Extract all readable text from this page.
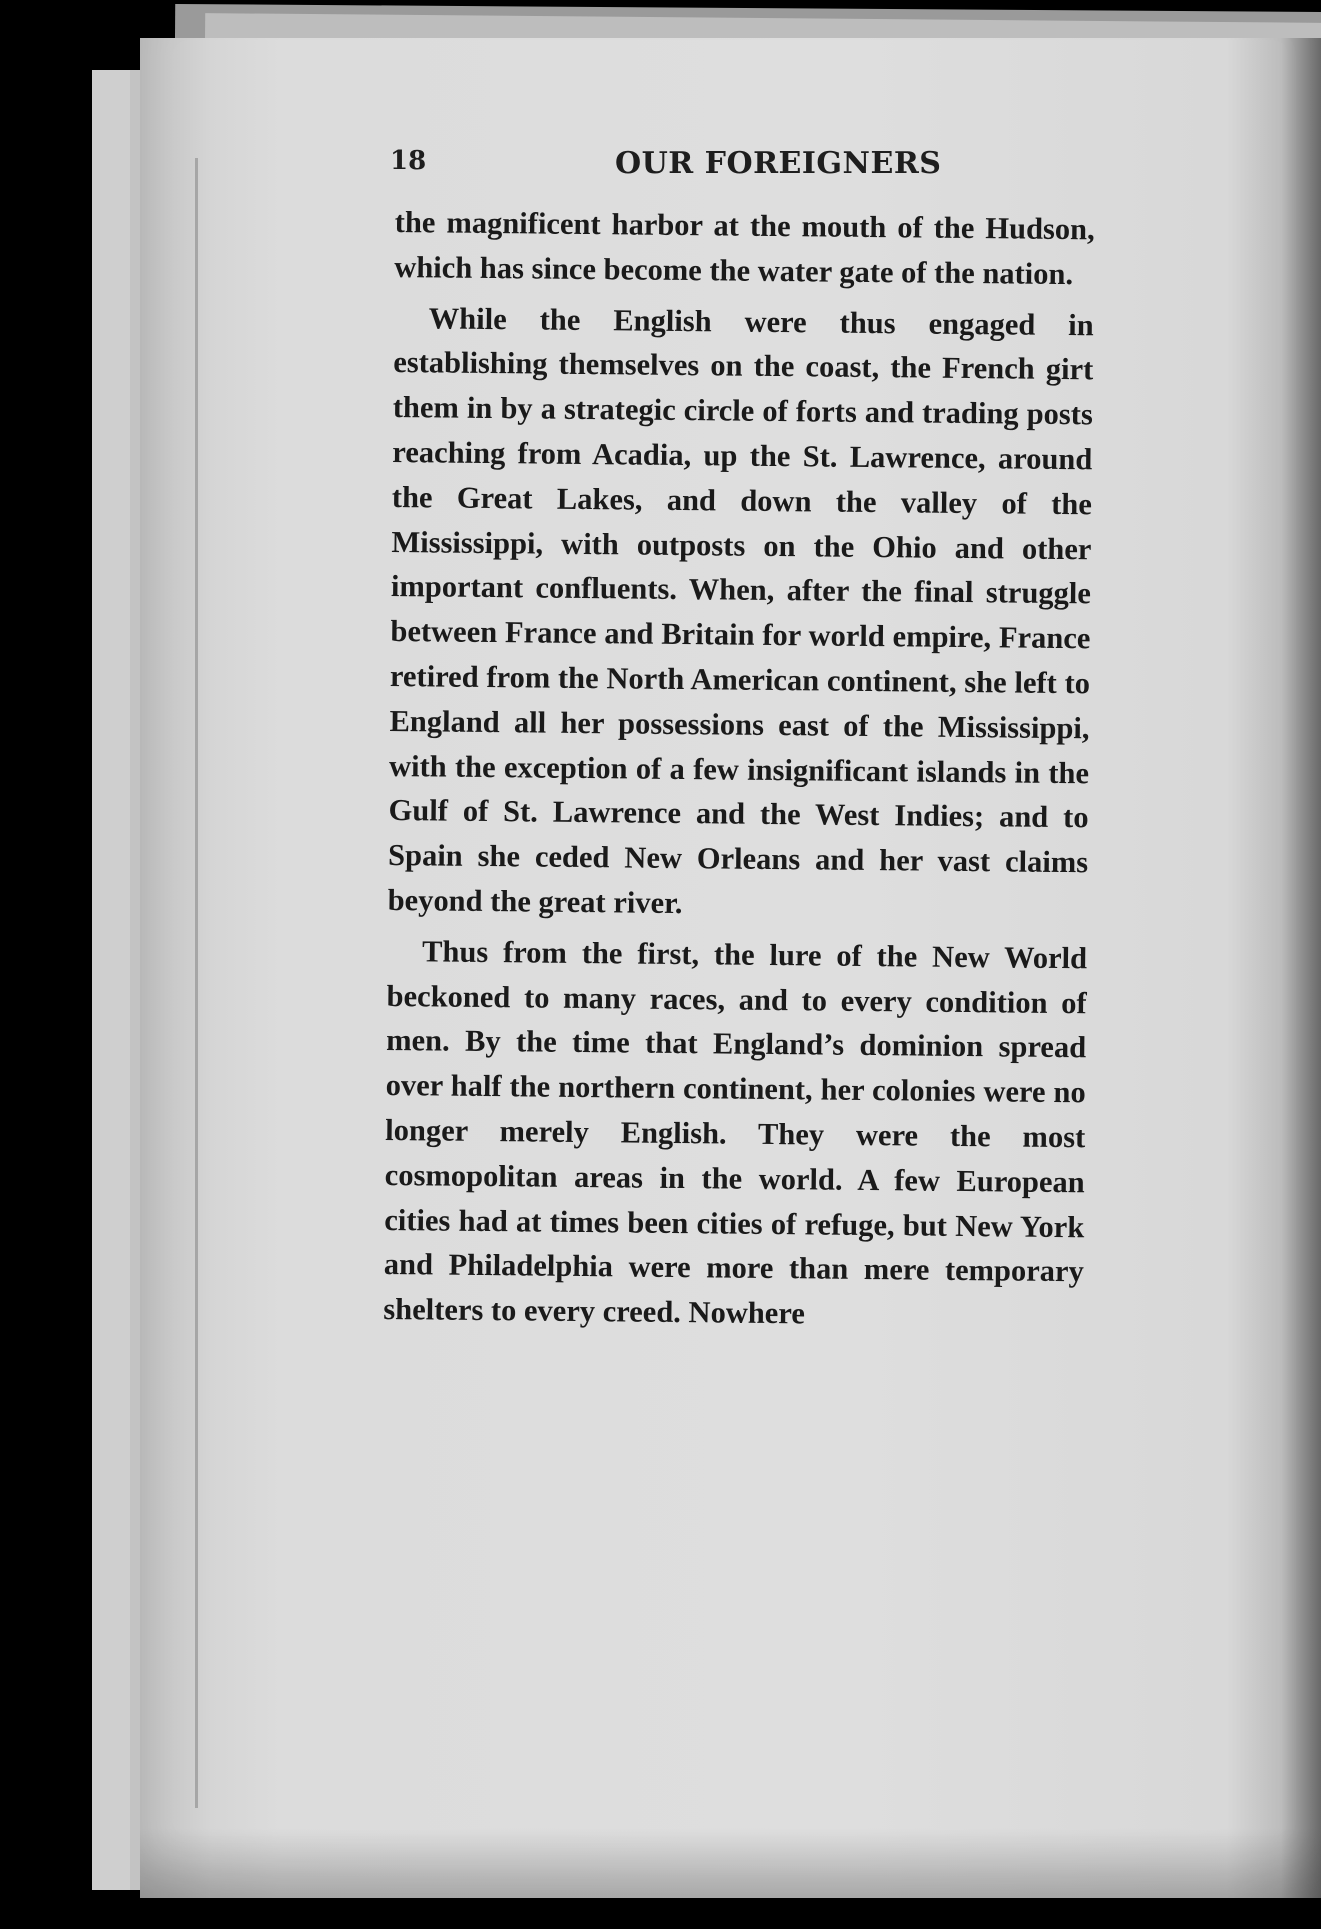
18	OUR FOREIGNERS

the magnificent harbor at the mouth of the Hudson, which has since become the water gate of the nation.

While the English were thus engaged in establishing themselves on the coast, the French girt them in by a strategic circle of forts and trading posts reaching from Acadia, up the St. Lawrence, around the Great Lakes, and down the valley of the Mississippi, with outposts on the Ohio and other important confluents. When, after the final struggle between France and Britain for world empire, France retired from the North American continent, she left to England all her possessions east of the Mississippi, with the exception of a few insignificant islands in the Gulf of St. Lawrence and the West Indies; and to Spain she ceded New Orleans and her vast claims beyond the great river.

Thus from the first, the lure of the New World beckoned to many races, and to every condition of men. By the time that England’s dominion spread over half the northern continent, her colonies were no longer merely English. They were the most cosmopolitan areas in the world. A few European cities had at times been cities of refuge, but New York and Philadelphia were more than mere temporary shelters to every creed. Nowhere
